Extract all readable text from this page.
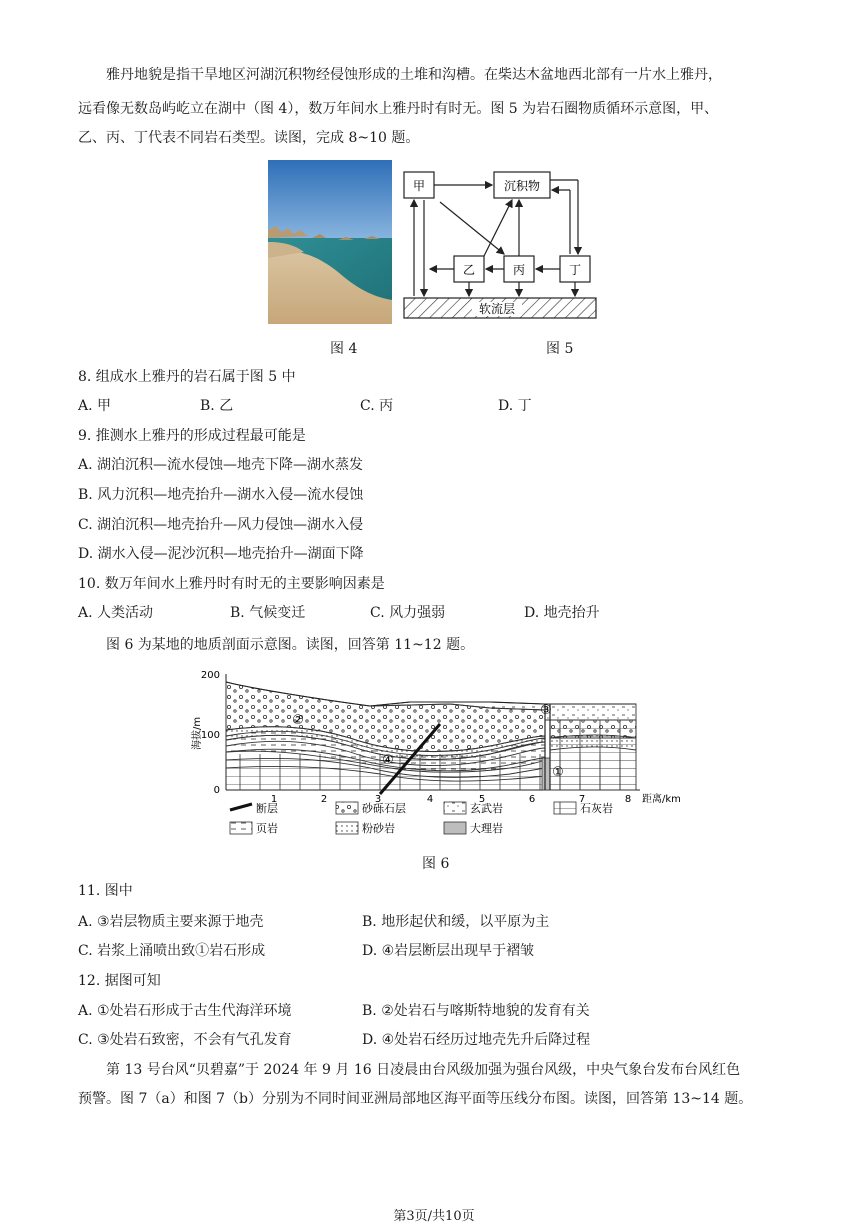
雅丹地貌是指干旱地区河湖沉积物经侵蚀形成的土堆和沟槽。在柴达木盆地西北部有一片水上雅丹，
远看像无数岛屿屹立在湖中（图 4），数万年间水上雅丹时有时无。图 5 为岩石圈物质循环示意图，甲、
乙、丙、丁代表不同岩石类型。读图，完成 8~10 题。
甲	沉积物
乙	丙	丁
软流层
图 4	图 5
8. 组成水上雅丹的岩石属于图 5 中
A. 甲	B. 乙	C. 丙	D. 丁
9. 推测水上雅丹的形成过程最可能是
A. 湖泊沉积—流水侵蚀—地壳下降—湖水蒸发
B. 风力沉积—地壳抬升—湖水入侵—流水侵蚀
C. 湖泊沉积—地壳抬升—风力侵蚀—湖水入侵
D. 湖水入侵—泥沙沉积—地壳抬升—湖面下降
10. 数万年间水上雅丹时有时无的主要影响因素是
A. 人类活动	B. 气候变迁	C. 风力强弱	D. 地壳抬升
图 6 为某地的地质剖面示意图。读图，回答第 11~12 题。
200
100
0
海拔/m	②
③
④
①
1	2	3	4	5	6	7	8 距离/km
断层	砂砾石层	玄武岩	石灰岩
页岩	粉砂岩	大理岩
图 6
11. 图中
A. ③岩层物质主要来源于地壳	B. 地形起伏和缓，以平原为主
C. 岩浆上涌喷出致①岩石形成	D. ④岩层断层出现早于褶皱
12. 据图可知
A. ①处岩石形成于古生代海洋环境	B. ②处岩石与喀斯特地貌的发育有关
C. ③处岩石致密，不会有气孔发育	D. ④处岩石经历过地壳先升后降过程
第 13 号台风“贝碧嘉”于 2024 年 9 月 16 日凌晨由台风级加强为强台风级，中央气象台发布台风红色
预警。图 7（a）和图 7（b）分别为不同时间亚洲局部地区海平面等压线分布图。读图，回答第 13~14 题。
第3页/共10页
